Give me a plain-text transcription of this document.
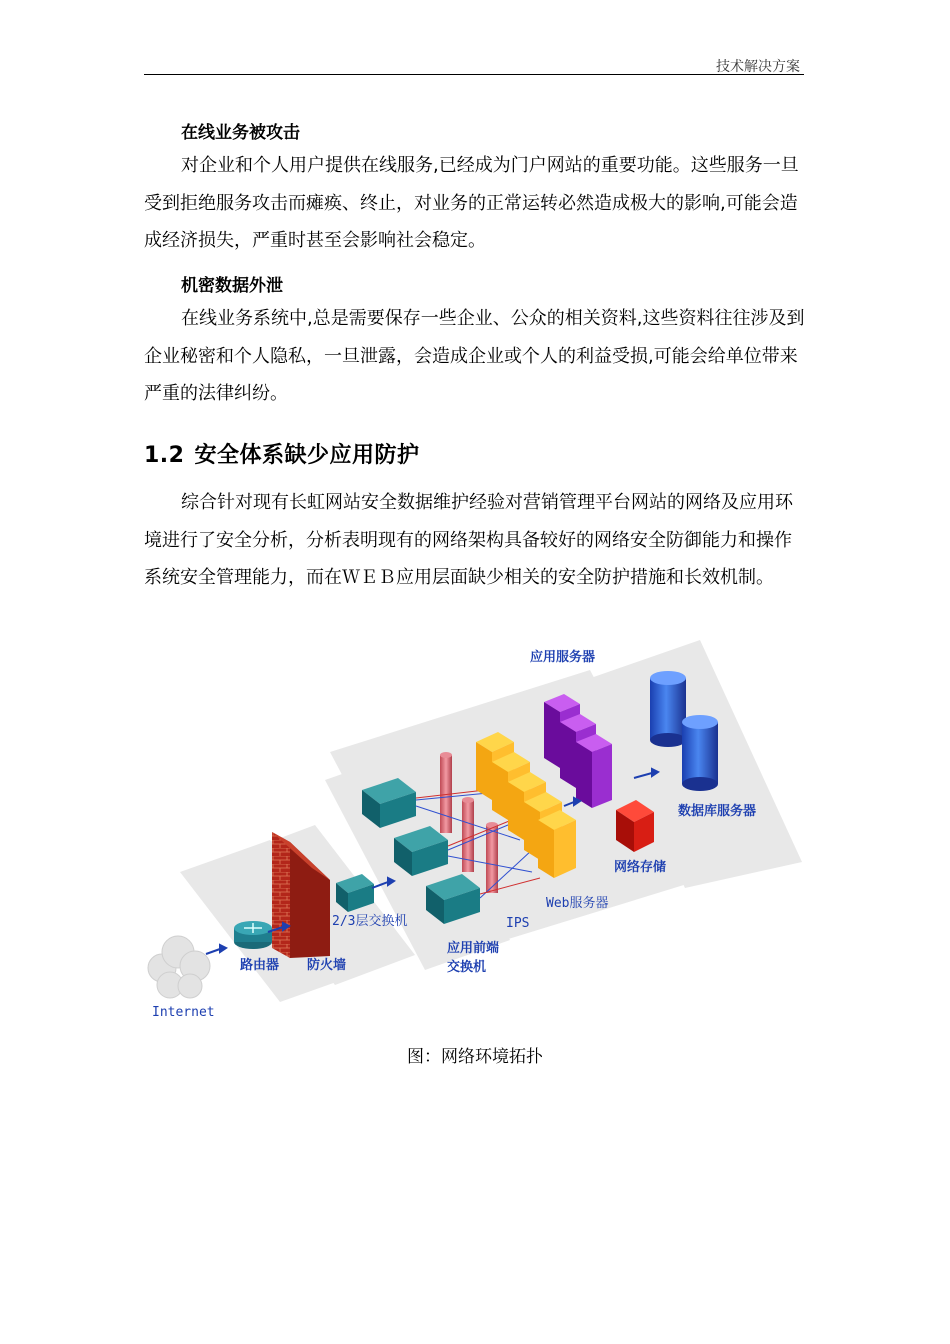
技术解决方案
在线业务被攻击

对企业和个人用户提供在线服务,已经成为门户网站的重要功能。这些服务一旦受到拒绝服务攻击而瘫痪、终止，对业务的正常运转必然造成极大的影响,可能会造成经济损失，严重时甚至会影响社会稳定。

机密数据外泄

在线业务系统中,总是需要保存一些企业、公众的相关资料,这些资料往往涉及到企业秘密和个人隐私，一旦泄露，会造成企业或个人的利益受损,可能会给单位带来严重的法律纠纷。

1.2 安全体系缺少应用防护

综合针对现有长虹网站安全数据维护经验对营销管理平台网站的网络及应用环境进行了安全分析，分析表明现有的网络架构具备较好的网络安全防御能力和操作系统安全管理能力，而在ＷＥＢ应用层面缺少相关的安全防护措施和长效机制。

Internet
路由器 防火墙
2/3层交换机
应用前端
交换机
IPS
Web服务器
应用服务器
网络存储
数据库服务器
图：网络环境拓扑
